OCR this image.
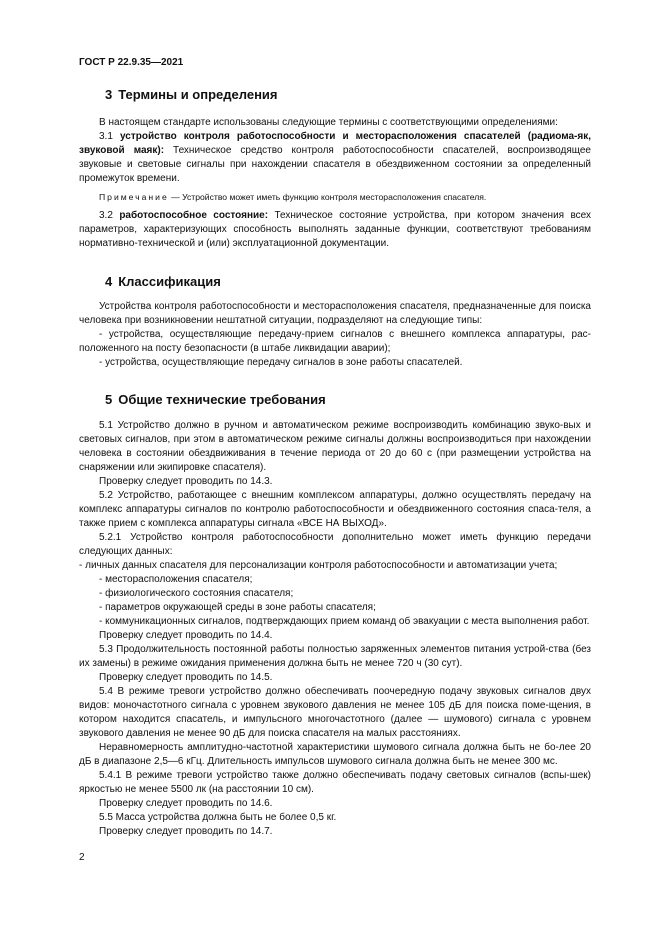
ГОСТ Р 22.9.35—2021
3 Термины и определения

В настоящем стандарте использованы следующие термины с соответствующими определениями:

3.1 устройство контроля работоспособности и месторасположения спасателей (радиома-як, звуковой маяк): Техническое средство контроля работоспособности спасателей, воспроизводящее звуковые и световые сигналы при нахождении спасателя в обездвиженном состоянии за определенный промежуток времени.

Примечание — Устройство может иметь функцию контроля месторасположения спасателя.

3.2 работоспособное состояние: Техническое состояние устройства, при котором значения всех параметров, характеризующих способность выполнять заданные функции, соответствуют требованиям нормативно-технической и (или) эксплуатационной документации.

4 Классификация

Устройства контроля работоспособности и месторасположения спасателя, предназначенные для поиска человека при возникновении нештатной ситуации, подразделяют на следующие типы:

- устройства, осуществляющие передачу-прием сигналов с внешнего комплекса аппаратуры, рас-положенного на посту безопасности (в штабе ликвидации аварии);

- устройства, осуществляющие передачу сигналов в зоне работы спасателей.

5 Общие технические требования

5.1 Устройство должно в ручном и автоматическом режиме воспроизводить комбинацию звуко-вых и световых сигналов, при этом в автоматическом режиме сигналы должны воспроизводиться при нахождении человека в состоянии обездвиживания в течение периода от 20 до 60 с (при размещении устройства на снаряжении или экипировке спасателя).

Проверку следует проводить по 14.3.

5.2 Устройство, работающее с внешним комплексом аппаратуры, должно осуществлять передачу на комплекс аппаратуры сигналов по контролю работоспособности и обездвиженного состояния спаса-теля, а также прием с комплекса аппаратуры сигнала «ВСЕ НА ВЫХОД».

5.2.1 Устройство контроля работоспособности дополнительно может иметь функцию передачи следующих данных:

- личных данных спасателя для персонализации контроля работоспособности и автоматизации учета;

- месторасположения спасателя;

- физиологического состояния спасателя;

- параметров окружающей среды в зоне работы спасателя;

- коммуникационных сигналов, подтверждающих прием команд об эвакуации с места выполнения работ.

Проверку следует проводить по 14.4.

5.3 Продолжительность постоянной работы полностью заряженных элементов питания устрой-ства (без их замены) в режиме ожидания применения должна быть не менее 720 ч (30 сут).

Проверку следует проводить по 14.5.

5.4 В режиме тревоги устройство должно обеспечивать поочередную подачу звуковых сигналов двух видов: моночастотного сигнала с уровнем звукового давления не менее 105 дБ для поиска поме-щения, в котором находится спасатель, и импульсного многочастотного (далее — шумового) сигнала с уровнем звукового давления не менее 90 дБ для поиска спасателя на малых расстояниях.

Неравномерность амплитудно-частотной характеристики шумового сигнала должна быть не бо-лее 20 дБ в диапазоне 2,5—6 кГц. Длительность импульсов шумового сигнала должна быть не менее 300 мс.

5.4.1 В режиме тревоги устройство также должно обеспечивать подачу световых сигналов (вспы-шек) яркостью не менее 5500 лк (на расстоянии 10 см).

Проверку следует проводить по 14.6.

5.5 Масса устройства должна быть не более 0,5 кг.

Проверку следует проводить по 14.7.

2
